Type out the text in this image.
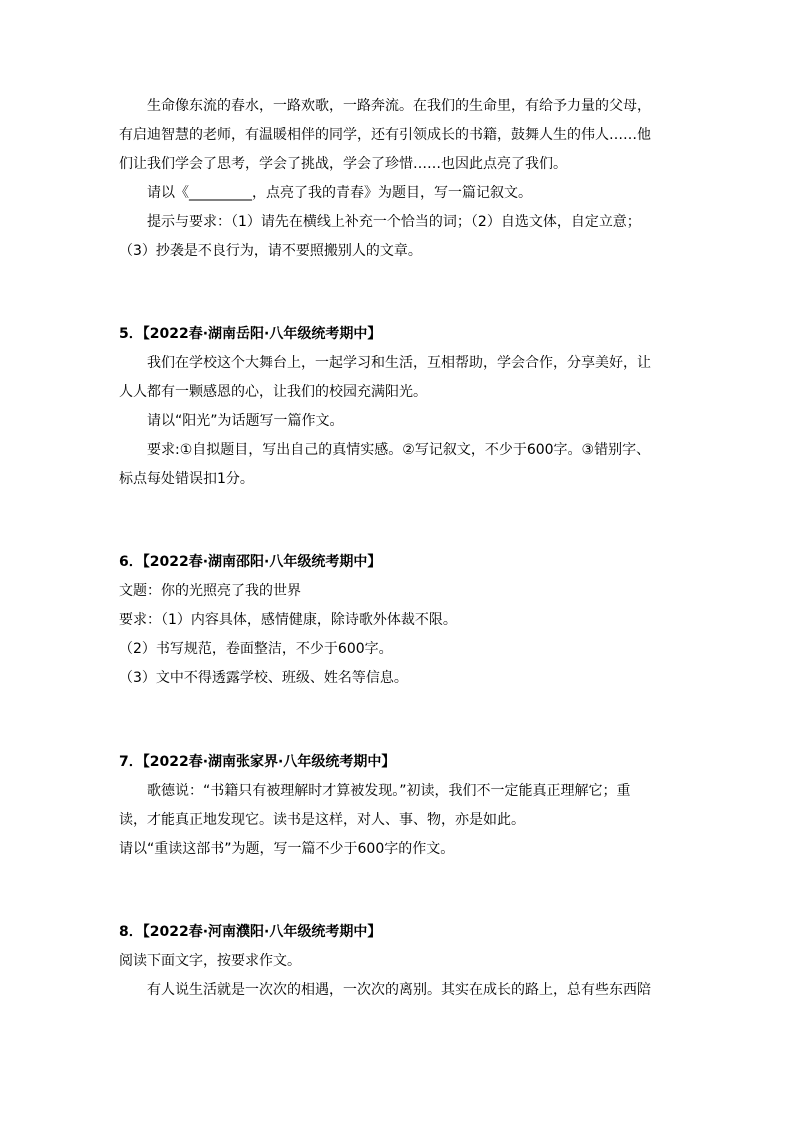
生命像东流的春水，一路欢歌，一路奔流。在我们的生命里，有给予力量的父母，
有启迪智慧的老师，有温暖相伴的同学，还有引领成长的书籍，鼓舞人生的伟人……他
们让我们学会了思考，学会了挑战，学会了珍惜……也因此点亮了我们。
请以《_________，点亮了我的青春》为题目，写一篇记叙文。
提示与要求：（1）请先在横线上补充一个恰当的词；（2）自选文体，自定立意；
（3）抄袭是不良行为，请不要照搬别人的文章。
5．【2022春·湖南岳阳·八年级统考期中】
我们在学校这个大舞台上，一起学习和生活，互相帮助，学会合作，分享美好，让
人人都有一颗感恩的心，让我们的校园充满阳光。
请以“阳光”为话题写一篇作文。
要求:①自拟题目，写出自己的真情实感。②写记叙文，不少于600字。③错别字、
标点每处错误扣1分。
6．【2022春·湖南邵阳·八年级统考期中】
文题：你的光照亮了我的世界
要求：（1）内容具体，感情健康，除诗歌外体裁不限。
（2）书写规范，卷面整洁，不少于600字。
（3）文中不得透露学校、班级、姓名等信息。
7．【2022春·湖南张家界·八年级统考期中】
歌德说：“书籍只有被理解时才算被发现。”初读，我们不一定能真正理解它；重
读，才能真正地发现它。读书是这样，对人、事、物，亦是如此。
请以“重读这部书”为题，写一篇不少于600字的作文。
8．【2022春·河南濮阳·八年级统考期中】
阅读下面文字，按要求作文。
有人说生活就是一次次的相遇，一次次的离别。其实在成长的路上，总有些东西陪
